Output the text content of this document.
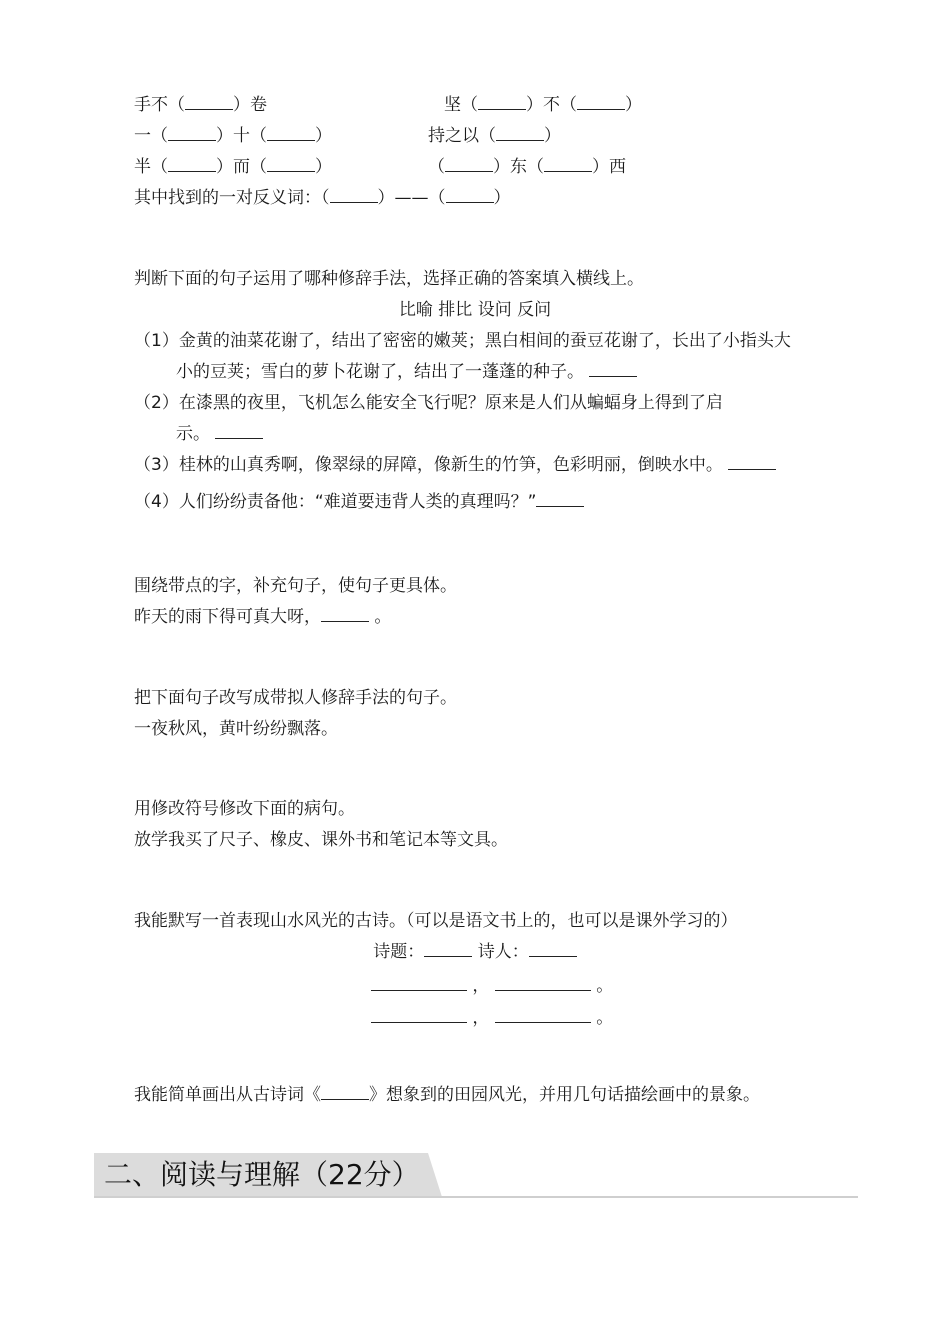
手不（	）卷	坚（	）不（	）
一（	）十（	）	持之以（	）
半（	）而（	）	（	）东（	）西
其中找到的一对反义词：（	）——（	）
判断下面的句子运用了哪种修辞手法，选择正确的答案填入横线上。
比喻 排比 设问 反问
（1）金黄的油菜花谢了，结出了密密的嫩荚；黑白相间的蚕豆花谢了，长出了小指头大
小的豆荚；雪白的萝卜花谢了，结出了一蓬蓬的种子。
（2）在漆黑的夜里，飞机怎么能安全飞行呢？原来是人们从蝙蝠身上得到了启
示。
（3）桂林的山真秀啊，像翠绿的屏障，像新生的竹笋，色彩明丽，倒映水中。
（4）人们纷纷责备他：“难道要违背人类的真理吗？”
围绕带点的字，补充句子，使句子更具体。
昨天的雨下得可真大呀，	。
把下面句子改写成带拟人修辞手法的句子。
一夜秋风，黄叶纷纷飘落。
用修改符号修改下面的病句。
放学我买了尺子、橡皮、课外书和笔记本等文具。
我能默写一首表现山水风光的古诗。（可以是语文书上的，也可以是课外学习的）
诗题：	诗人：
，	。
，	。
我能简单画出从古诗词《	》想象到的田园风光，并用几句话描绘画中的景象。
二、阅读与理解（22分）
